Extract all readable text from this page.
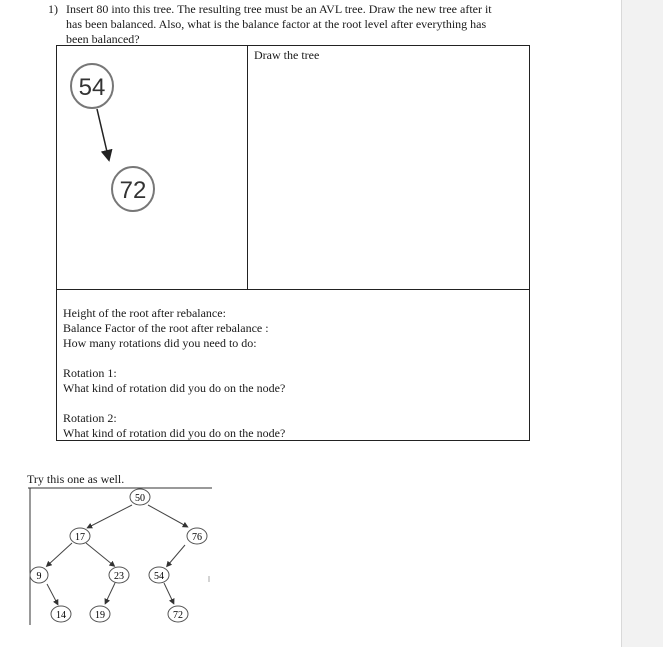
1) Insert 80 into this tree. The resulting tree must be an AVL tree. Draw the new tree after it
has been balanced. Also, what is the balance factor at the root level after everything has
been balanced?
54
72
Draw the tree
Height of the root after rebalance:
Balance Factor of the root after rebalance :
How many rotations did you need to do:
Rotation 1:
What kind of rotation did you do on the node?
Rotation 2:
What kind of rotation did you do on the node?
Try this one as well.
50
17	76
9	23	54
14	19	72
